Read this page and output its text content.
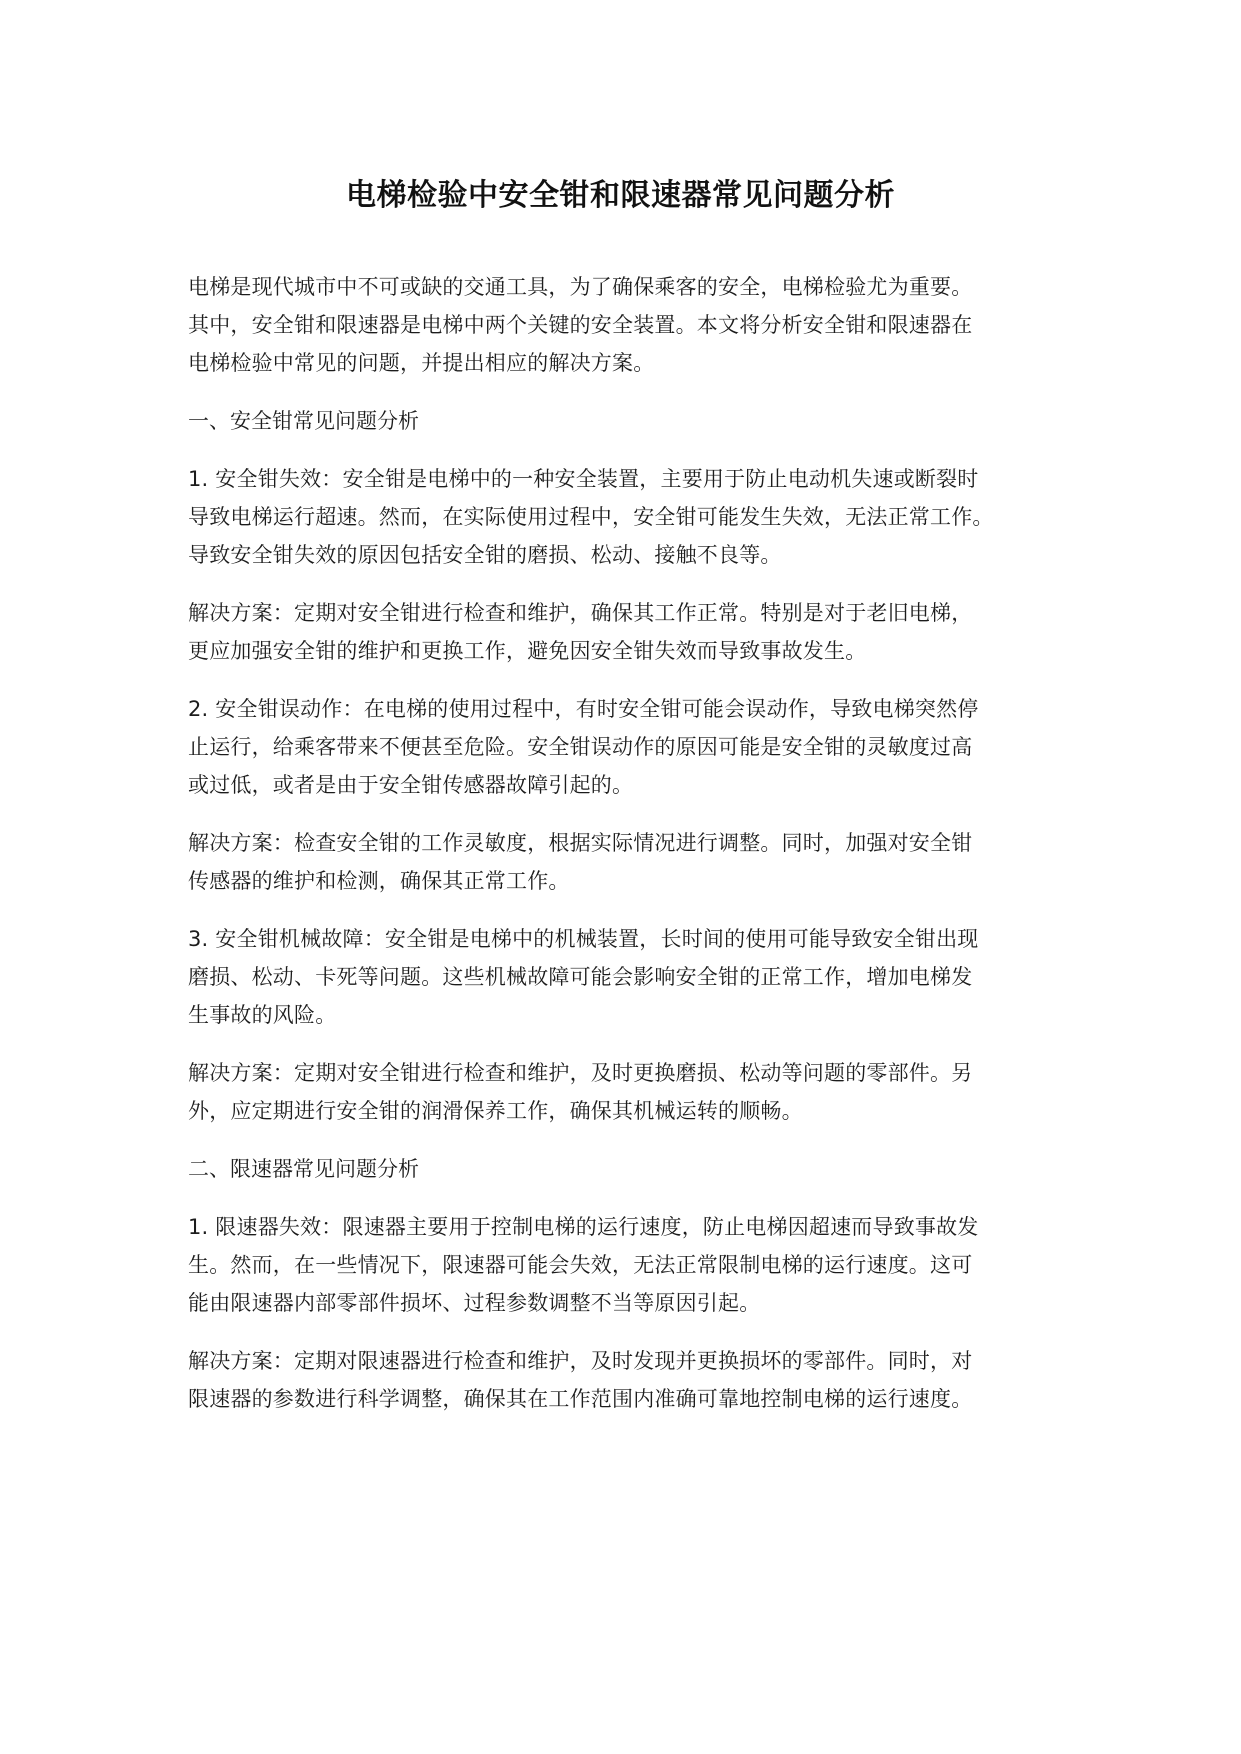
电梯检验中安全钳和限速器常见问题分析

电梯是现代城市中不可或缺的交通工具，为了确保乘客的安全，电梯检验尤为重要。
其中，安全钳和限速器是电梯中两个关键的安全装置。本文将分析安全钳和限速器在
电梯检验中常见的问题，并提出相应的解决方案。

一、安全钳常见问题分析

1. 安全钳失效：安全钳是电梯中的一种安全装置，主要用于防止电动机失速或断裂时
导致电梯运行超速。然而，在实际使用过程中，安全钳可能发生失效，无法正常工作。
导致安全钳失效的原因包括安全钳的磨损、松动、接触不良等。

解决方案：定期对安全钳进行检查和维护，确保其工作正常。特别是对于老旧电梯，
更应加强安全钳的维护和更换工作，避免因安全钳失效而导致事故发生。

2. 安全钳误动作：在电梯的使用过程中，有时安全钳可能会误动作，导致电梯突然停
止运行，给乘客带来不便甚至危险。安全钳误动作的原因可能是安全钳的灵敏度过高
或过低，或者是由于安全钳传感器故障引起的。

解决方案：检查安全钳的工作灵敏度，根据实际情况进行调整。同时，加强对安全钳
传感器的维护和检测，确保其正常工作。

3. 安全钳机械故障：安全钳是电梯中的机械装置，长时间的使用可能导致安全钳出现
磨损、松动、卡死等问题。这些机械故障可能会影响安全钳的正常工作，增加电梯发
生事故的风险。

解决方案：定期对安全钳进行检查和维护，及时更换磨损、松动等问题的零部件。另
外，应定期进行安全钳的润滑保养工作，确保其机械运转的顺畅。

二、限速器常见问题分析

1. 限速器失效：限速器主要用于控制电梯的运行速度，防止电梯因超速而导致事故发
生。然而，在一些情况下，限速器可能会失效，无法正常限制电梯的运行速度。这可
能由限速器内部零部件损坏、过程参数调整不当等原因引起。

解决方案：定期对限速器进行检查和维护，及时发现并更换损坏的零部件。同时，对
限速器的参数进行科学调整，确保其在工作范围内准确可靠地控制电梯的运行速度。
